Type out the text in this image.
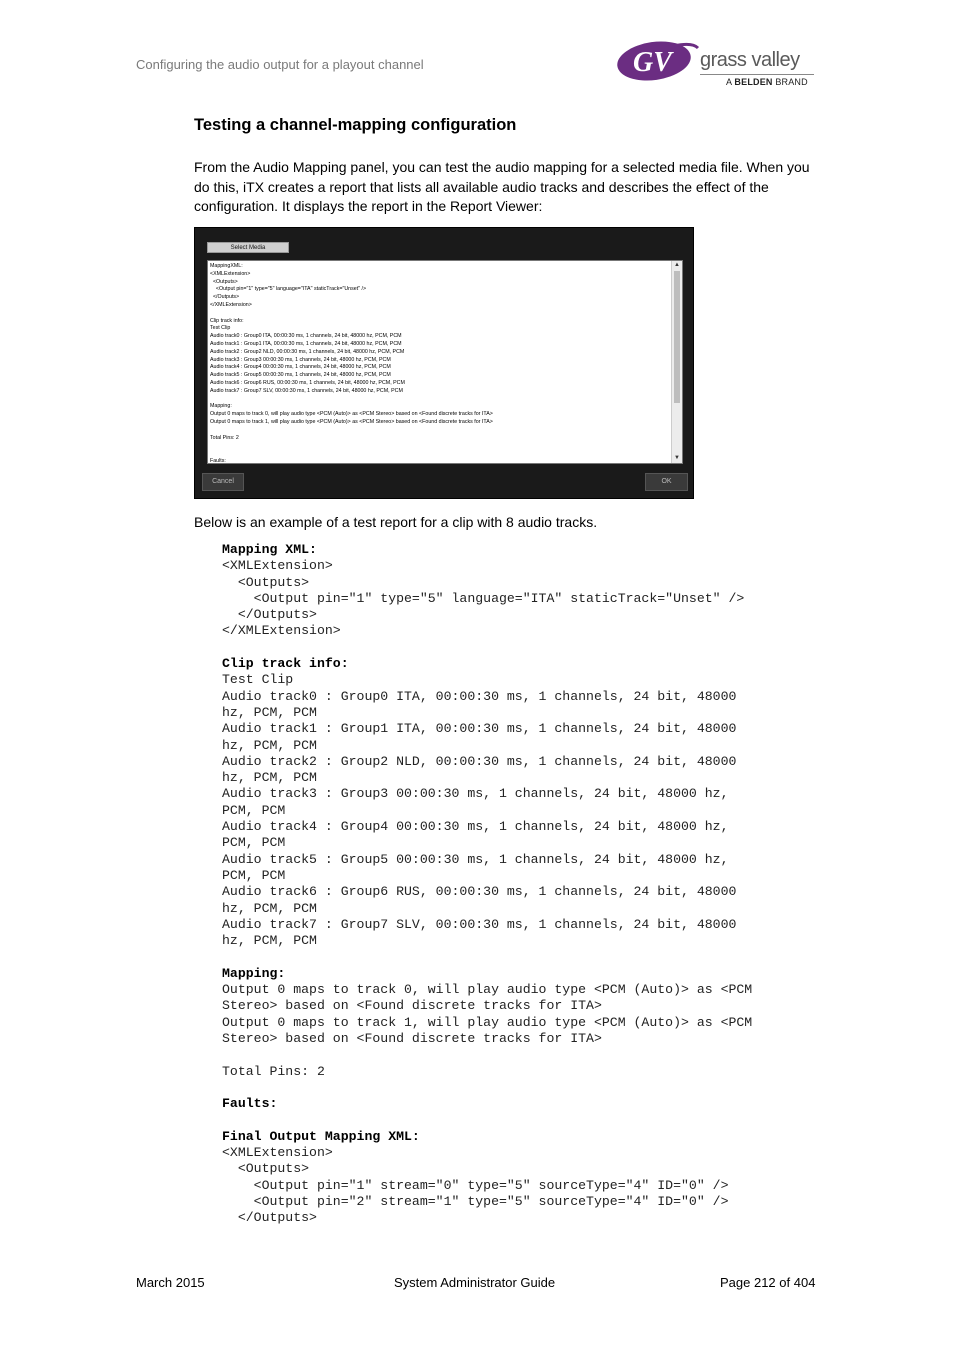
Configuring the audio output for a playout channel	GV grass valley
A BELDEN BRAND
Testing a channel-mapping configuration

From the Audio Mapping panel, you can test the audio mapping for a selected media file. When you do this, iTX creates a report that lists all available audio tracks and describes the effect of the configuration. It displays the report in the Report Viewer:

Select Media
MappingXML:
<XMLExtension>
<Outputs>
<Output pin="1" type="5" language="ITA" staticTrack="Unset" />
</Outputs>
</XMLExtension>

Clip track info:
Test Clip
Audio track0 : Group0 ITA, 00:00:30 ms, 1 channels, 24 bit, 48000 hz, PCM, PCM
Audio track1 : Group1 ITA, 00:00:30 ms, 1 channels, 24 bit, 48000 hz, PCM, PCM
Audio track2 : Group2 NLD, 00:00:30 ms, 1 channels, 24 bit, 48000 hz, PCM, PCM
Audio track3 : Group3 00:00:30 ms, 1 channels, 24 bit, 48000 hz, PCM, PCM
Audio track4 : Group4 00:00:30 ms, 1 channels, 24 bit, 48000 hz, PCM, PCM
Audio track5 : Group5 00:00:30 ms, 1 channels, 24 bit, 48000 hz, PCM, PCM
Audio track6 : Group6 RUS, 00:00:30 ms, 1 channels, 24 bit, 48000 hz, PCM, PCM
Audio track7 : Group7 SLV, 00:00:30 ms, 1 channels, 24 bit, 48000 hz, PCM, PCM

Mapping:
Output 0 maps to track 0, will play audio type <PCM (Auto)> as <PCM Stereo> based on <Found discrete tracks for ITA>
Output 0 maps to track 1, will play audio type <PCM (Auto)> as <PCM Stereo> based on <Found discrete tracks for ITA>

Total Pins: 2

Faults:
▲
▼
Cancel	OK

Below is an example of a test report for a clip with 8 audio tracks.

Mapping XML:
<XMLExtension>
<Outputs>
<Output pin="1" type="5" language="ITA" staticTrack="Unset" />
</Outputs>
</XMLExtension>

Clip track info:
Test Clip
Audio track0 : Group0 ITA, 00:00:30 ms, 1 channels, 24 bit, 48000
hz, PCM, PCM
Audio track1 : Group1 ITA, 00:00:30 ms, 1 channels, 24 bit, 48000
hz, PCM, PCM
Audio track2 : Group2 NLD, 00:00:30 ms, 1 channels, 24 bit, 48000
hz, PCM, PCM
Audio track3 : Group3 00:00:30 ms, 1 channels, 24 bit, 48000 hz,
PCM, PCM
Audio track4 : Group4 00:00:30 ms, 1 channels, 24 bit, 48000 hz,
PCM, PCM
Audio track5 : Group5 00:00:30 ms, 1 channels, 24 bit, 48000 hz,
PCM, PCM
Audio track6 : Group6 RUS, 00:00:30 ms, 1 channels, 24 bit, 48000
hz, PCM, PCM
Audio track7 : Group7 SLV, 00:00:30 ms, 1 channels, 24 bit, 48000
hz, PCM, PCM

Mapping:
Output 0 maps to track 0, will play audio type <PCM (Auto)> as <PCM
Stereo> based on <Found discrete tracks for ITA>
Output 0 maps to track 1, will play audio type <PCM (Auto)> as <PCM
Stereo> based on <Found discrete tracks for ITA>

Total Pins: 2

Faults:

Final Output Mapping XML:
<XMLExtension>
<Outputs>
<Output pin="1" stream="0" type="5" sourceType="4" ID="0" />
<Output pin="2" stream="1" type="5" sourceType="4" ID="0" />
</Outputs>
March 2015	System Administrator Guide	Page 212 of 404
